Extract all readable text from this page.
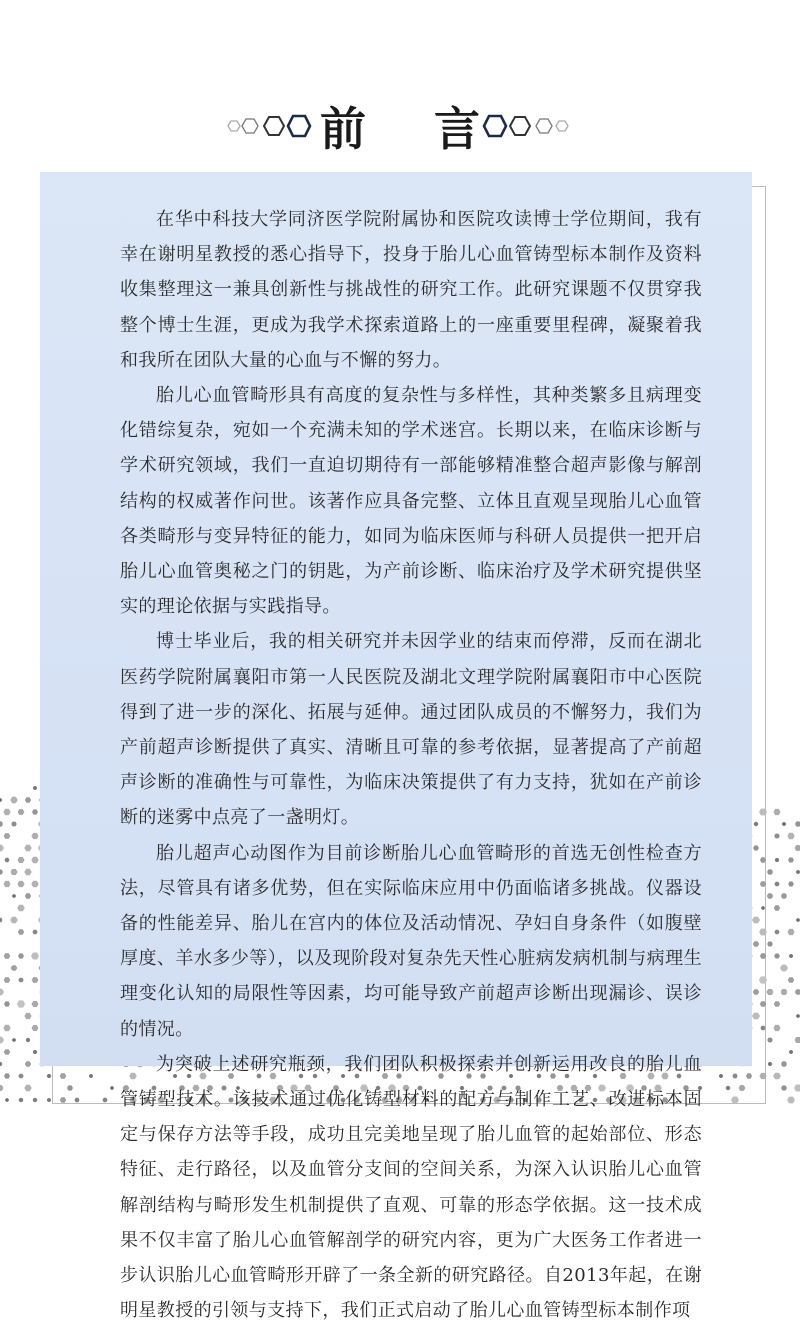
前 言

在华中科技大学同济医学院附属协和医院攻读博士学位期间，我有幸在谢明星教授的悉心指导下，投身于胎儿心血管铸型标本制作及资料收集整理这一兼具创新性与挑战性的研究工作。此研究课题不仅贯穿我整个博士生涯，更成为我学术探索道路上的一座重要里程碑，凝聚着我和我所在团队大量的心血与不懈的努力。

胎儿心血管畸形具有高度的复杂性与多样性，其种类繁多且病理变化错综复杂，宛如一个充满未知的学术迷宫。长期以来，在临床诊断与学术研究领域，我们一直迫切期待有一部能够精准整合超声影像与解剖结构的权威著作问世。该著作应具备完整、立体且直观呈现胎儿心血管各类畸形与变异特征的能力，如同为临床医师与科研人员提供一把开启胎儿心血管奥秘之门的钥匙，为产前诊断、临床治疗及学术研究提供坚实的理论依据与实践指导。

博士毕业后，我的相关研究并未因学业的结束而停滞，反而在湖北医药学院附属襄阳市第一人民医院及湖北文理学院附属襄阳市中心医院得到了进一步的深化、拓展与延伸。通过团队成员的不懈努力，我们为产前超声诊断提供了真实、清晰且可靠的参考依据，显著提高了产前超声诊断的准确性与可靠性，为临床决策提供了有力支持，犹如在产前诊断的迷雾中点亮了一盏明灯。

胎儿超声心动图作为目前诊断胎儿心血管畸形的首选无创性检查方法，尽管具有诸多优势，但在实际临床应用中仍面临诸多挑战。仪器设备的性能差异、胎儿在宫内的体位及活动情况、孕妇自身条件（如腹壁厚度、羊水多少等），以及现阶段对复杂先天性心脏病发病机制与病理生理变化认知的局限性等因素，均可能导致产前超声诊断出现漏诊、误诊的情况。

为突破上述研究瓶颈，我们团队积极探索并创新运用改良的胎儿血管铸型技术。该技术通过优化铸型材料的配方与制作工艺、改进标本固定与保存方法等手段，成功且完美地呈现了胎儿血管的起始部位、形态特征、走行路径，以及血管分支间的空间关系，为深入认识胎儿心血管解剖结构与畸形发生机制提供了直观、可靠的形态学依据。这一技术成果不仅丰富了胎儿心血管解剖学的研究内容，更为广大医务工作者进一步认识胎儿心血管畸形开辟了一条全新的研究路径。自2013年起，在谢明星教授的引领与支持下，我们正式启动了胎儿心血管铸型标本制作项
